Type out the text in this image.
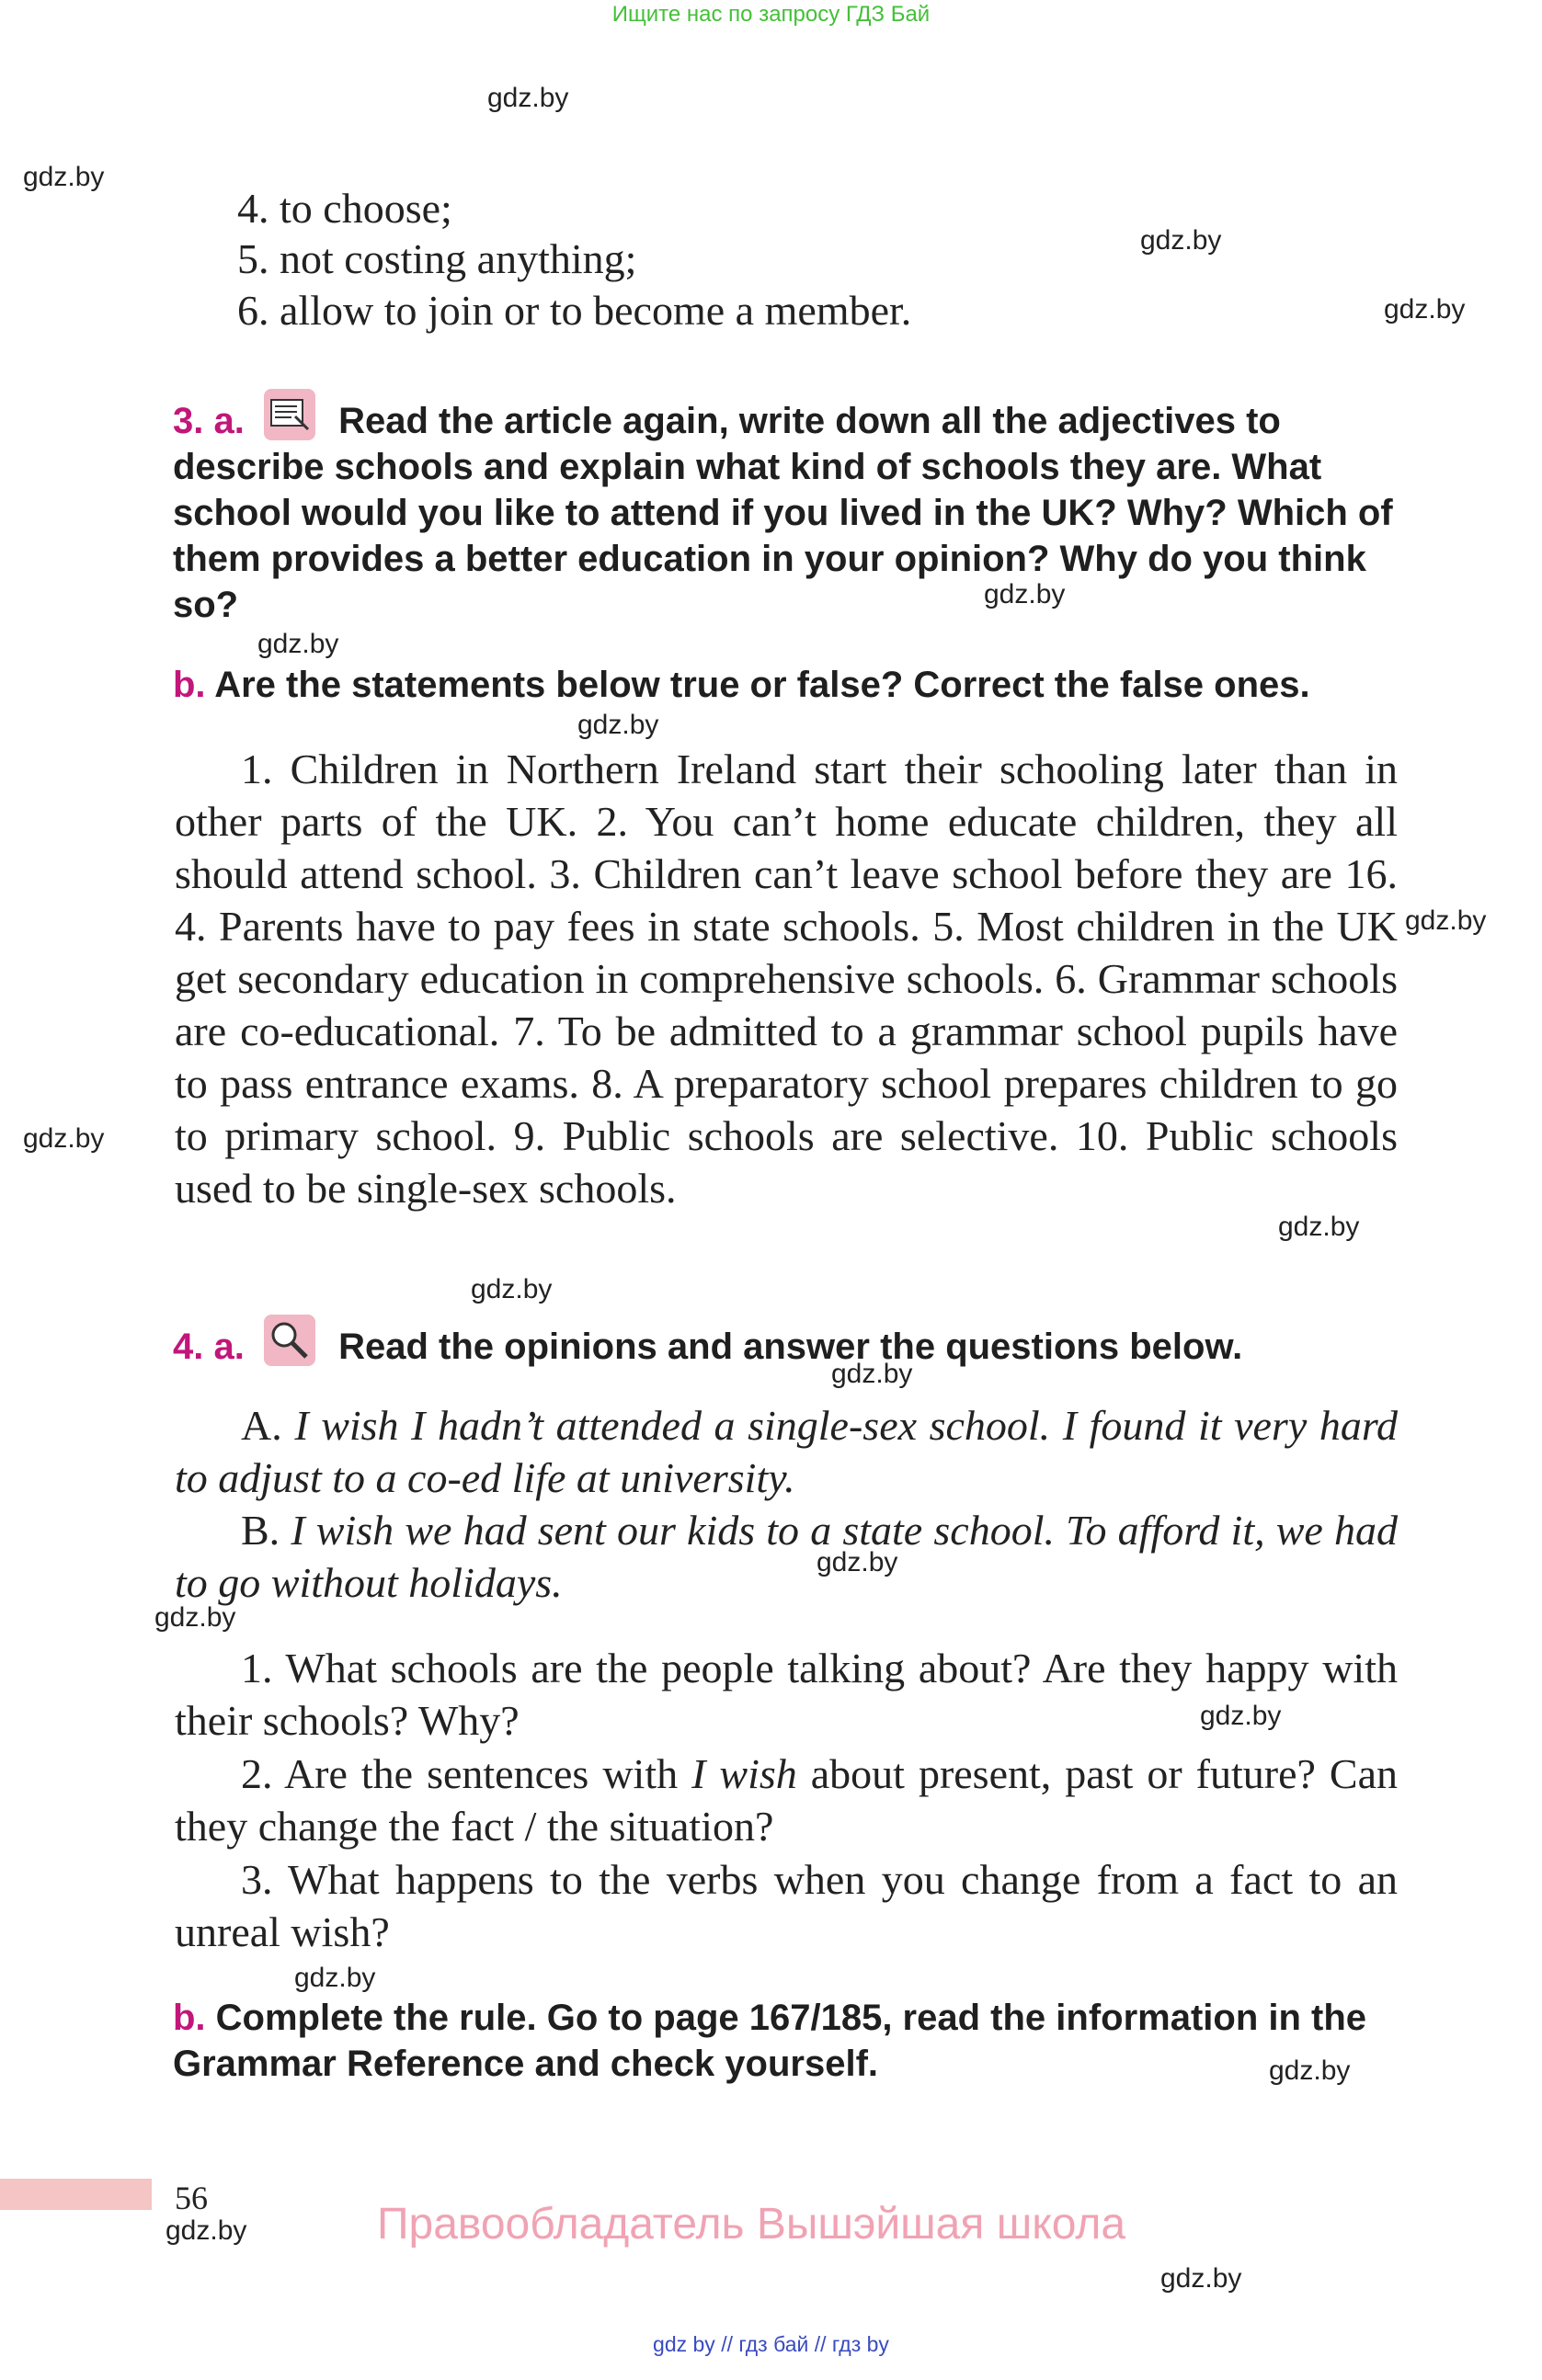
Ищите нас по запросу ГДЗ Бай
gdz.by
gdz.by
gdz.by
gdz.by
gdz.by
gdz.by
gdz.by
gdz.by
gdz.by
gdz.by
gdz.by
gdz.by
gdz.by
gdz.by
gdz.by
gdz.by
gdz.by
gdz.by
gdz.by
4. to choose;
5. not costing anything;
6. allow to join or to become a member.
3. a.	Read the article again, write down all the adjectives to describe schools and explain what kind of schools they are. What school would you like to attend if you lived in the UK? Why? Which of them provides a better education in your opinion? Why do you think so?
b. Are the statements below true or false? Correct the false ones.
1. Children in Northern Ireland start their schooling later than in other parts of the UK. 2. You can’t home educate children, they all should attend school. 3. Children can’t leave school before they are 16. 4. Parents have to pay fees in state schools. 5. Most children in the UK get secondary education in comprehensive schools. 6. Grammar schools are co-educational. 7. To be admitted to a grammar school pupils have to pass entrance exams. 8. A preparatory school prepares children to go to primary school. 9. Public schools are selective. 10. Public schools used to be single-sex schools.
4. a.	Read the opinions and answer the questions below.
A. I wish I hadn’t attended a single-sex school. I found it very hard to adjust to a co-ed life at university.
B. I wish we had sent our kids to a state school. To afford it, we had to go without holidays.
1. What schools are the people talking about? Are they happy with their schools? Why?
2. Are the sentences with I wish about present, past or future? Can they change the fact / the situation?
3. What happens to the verbs when you change from a fact to an unreal wish?
b. Complete the rule. Go to page 167/185, read the information in the Grammar Reference and check yourself.
56
Правообладатель Вышэйшая школа
gdz by // гдз бай // гдз by
